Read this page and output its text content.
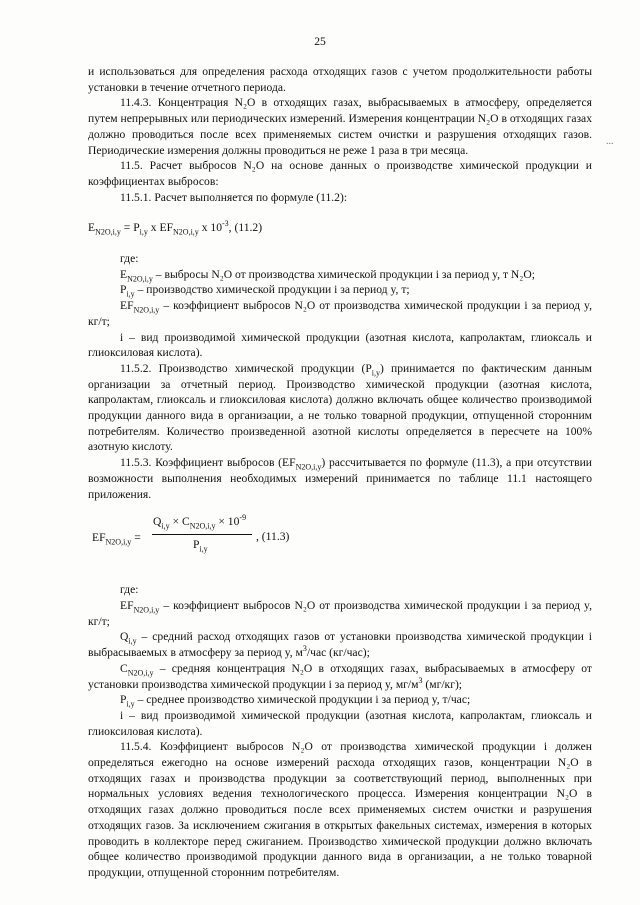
25
...

и использоваться для определения расхода отходящих газов с учетом продолжительности работы установки в течение отчетного периода.

11.4.3. Концентрация N₂O в отходящих газах, выбрасываемых в атмосферу, определяется путем непрерывных или периодических измерений. Измерения концентрации N₂O в отходящих газах должно проводиться после всех применяемых систем очистки и разрушения отходящих газов. Периодические измерения должны проводиться не реже 1 раза в три месяца.

11.5. Расчет выбросов N₂O на основе данных о производстве химической продукции и коэффициентах выбросов:

11.5.1. Расчет выполняется по формуле (11.2):

$E_{N2O,i,y} = P_{i,y}$ x $EF_{N2O,i,y}$ x $10^{-3}$, (11.2)

где:

$E_{N2O,i,y}$ – выбросы N₂O от производства химической продукции i за период y, т N₂O;

$P_{i,y}$ – производство химической продукции i за период y, т;

$EF_{N2O,i,y}$ – коэффициент выбросов N₂O от производства химической продукции i за период y, кг/т;

i – вид производимой химической продукции (азотная кислота, капролактам, глиоксаль и глиоксиловая кислота).

11.5.2. Производство химической продукции $(P_{i,y})$ принимается по фактическим данным организации за отчетный период. Производство химической продукции (азотная кислота, капролактам, глиоксаль и глиоксиловая кислота) должно включать общее количество производимой продукции данного вида в организации, а не только товарной продукции, отпущенной сторонним потребителям. Количество произведенной азотной кислоты определяется в пересчете на 100% азотную кислоту.

11.5.3. Коэффициент выбросов $(EF_{N2O,i,y})$ рассчитывается по формуле (11.3), а при отсутствии возможности выполнения необходимых измерений принимается по таблице 11.1 настоящего приложения.

$EF_{N2O,i,y}$ =
$Q_{i,y} \times C_{N2O,i,y} \times 10^{-9}$
$P_{i,y}$
, (11.3)

где:

$EF_{N2O,i,y}$ – коэффициент выбросов N₂O от производства химической продукции i за период y, кг/т;

$Q_{i,y}$ – средний расход отходящих газов от установки производства химической продукции i выбрасываемых в атмосферу за период y, $м^3$/час (кг/час);

$C_{N2O,i,y}$ – средняя концентрация N₂O в отходящих газах, выбрасываемых в атмосферу от установки производства химической продукции i за период y, $мг/м^3$ (мг/кг);

$P_{i,y}$ – среднее производство химической продукции i за период y, т/час;

i – вид производимой химической продукции (азотная кислота, капролактам, глиоксаль и глиоксиловая кислота).

11.5.4. Коэффициент выбросов N₂O от производства химической продукции i должен определяться ежегодно на основе измерений расхода отходящих газов, концентрации N₂O в отходящих газах и производства продукции за соответствующий период, выполненных при нормальных условиях ведения технологического процесса. Измерения концентрации N₂O в отходящих газах должно проводиться после всех применяемых систем очистки и разрушения отходящих газов. За исключением сжигания в открытых факельных системах, измерения в которых проводить в коллекторе перед сжиганием. Производство химической продукции должно включать общее количество производимой продукции данного вида в организации, а не только товарной продукции, отпущенной сторонним потребителям.
